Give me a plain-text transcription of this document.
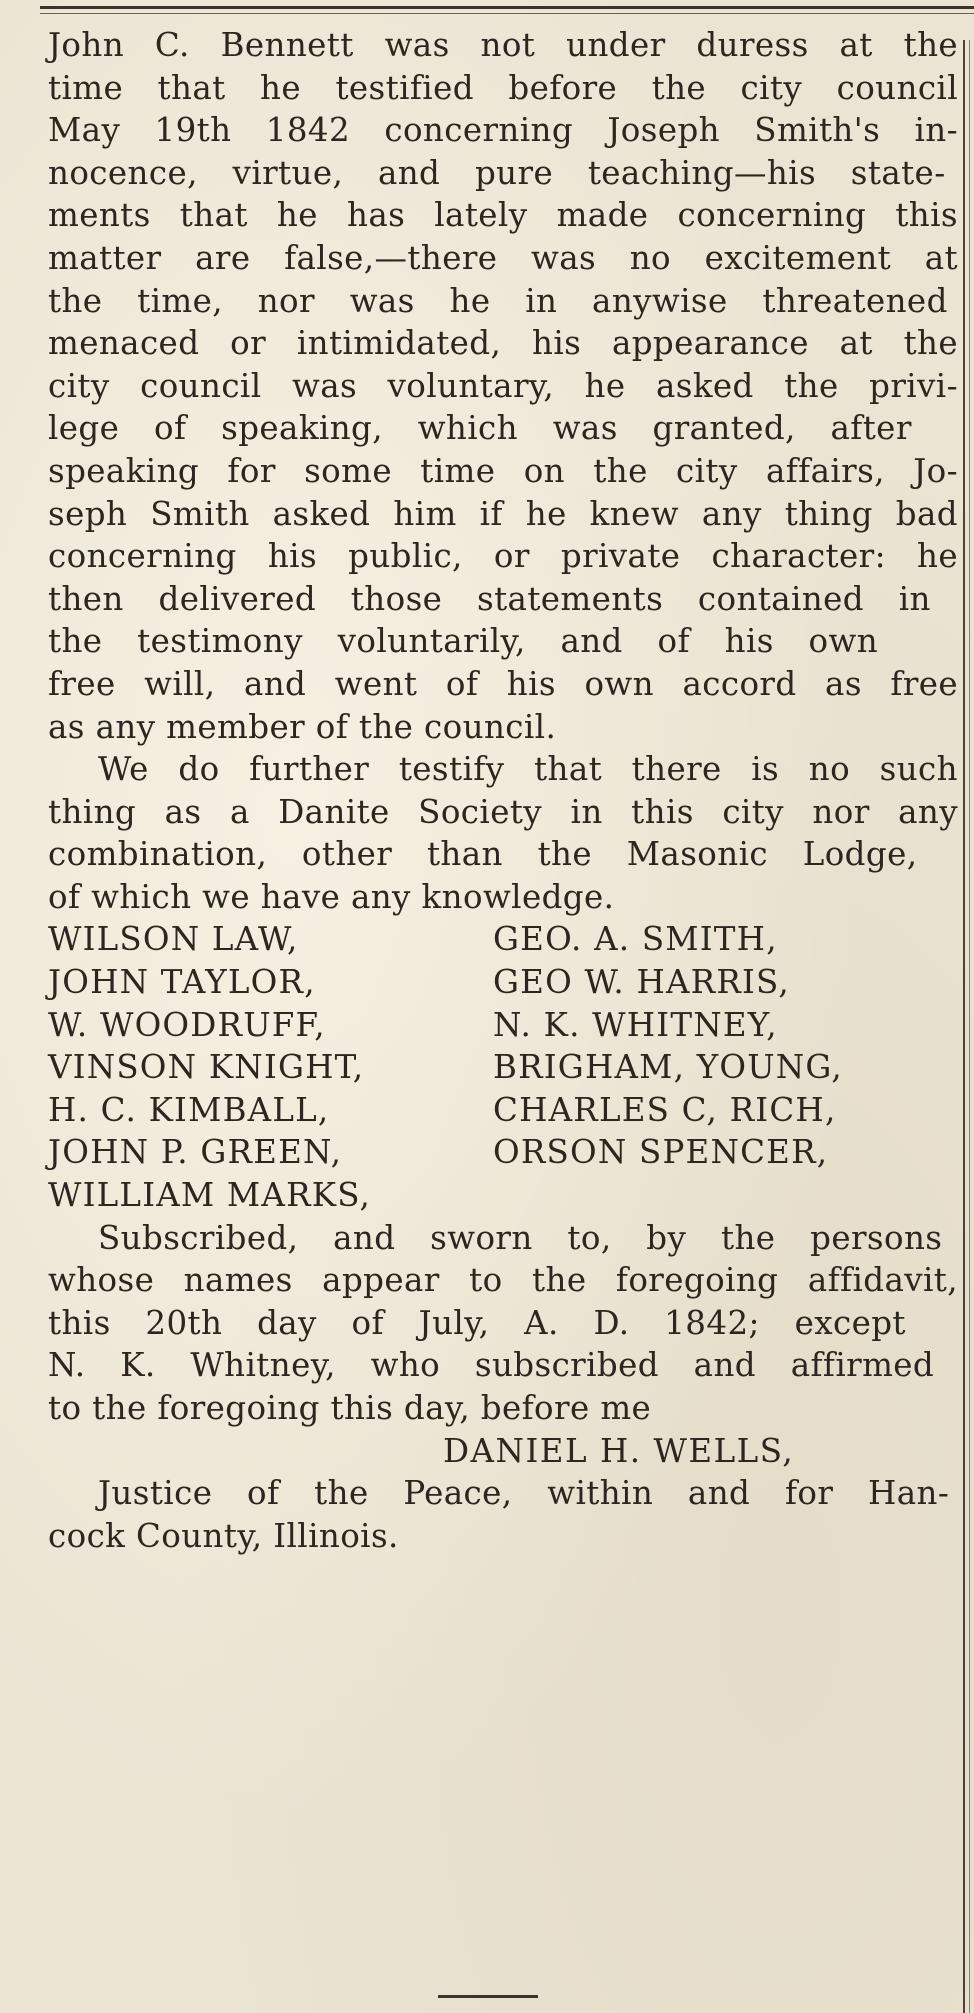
John C. Bennett was not under duress at the
time that he testified before the city council
May 19th 1842 concerning Joseph Smith's in-
nocence, virtue, and pure teaching—his state-
ments that he has lately made concerning this
matter are false,—there was no excitement at
the time, nor was he in anywise threatened
menaced or intimidated, his appearance at the
city council was voluntary, he asked the privi-
lege of speaking, which was granted, after
speaking for some time on the city affairs, Jo-
seph Smith asked him if he knew any thing bad
concerning his public, or private character: he
then delivered those statements contained in
the testimony voluntarily, and of his own
free will, and went of his own accord as free
as any member of the council.
We do further testify that there is no such
thing as a Danite Society in this city nor any
combination, other than the Masonic Lodge,
of which we have any knowledge.
WILSON LAW,	GEO. A. SMITH,
JOHN TAYLOR,	GEO W. HARRIS,
W. WOODRUFF,	N. K. WHITNEY,
VINSON KNIGHT,	BRIGHAM, YOUNG,
H. C. KIMBALL,	CHARLES C, RICH,
JOHN P. GREEN,	ORSON SPENCER,
WILLIAM MARKS,
Subscribed, and sworn to, by the persons
whose names appear to the foregoing affidavit,
this 20th day of July, A. D. 1842; except
N. K. Whitney, who subscribed and affirmed
to the foregoing this day, before me
DANIEL H. WELLS,
Justice of the Peace, within and for Han-
cock County, Illinois.
